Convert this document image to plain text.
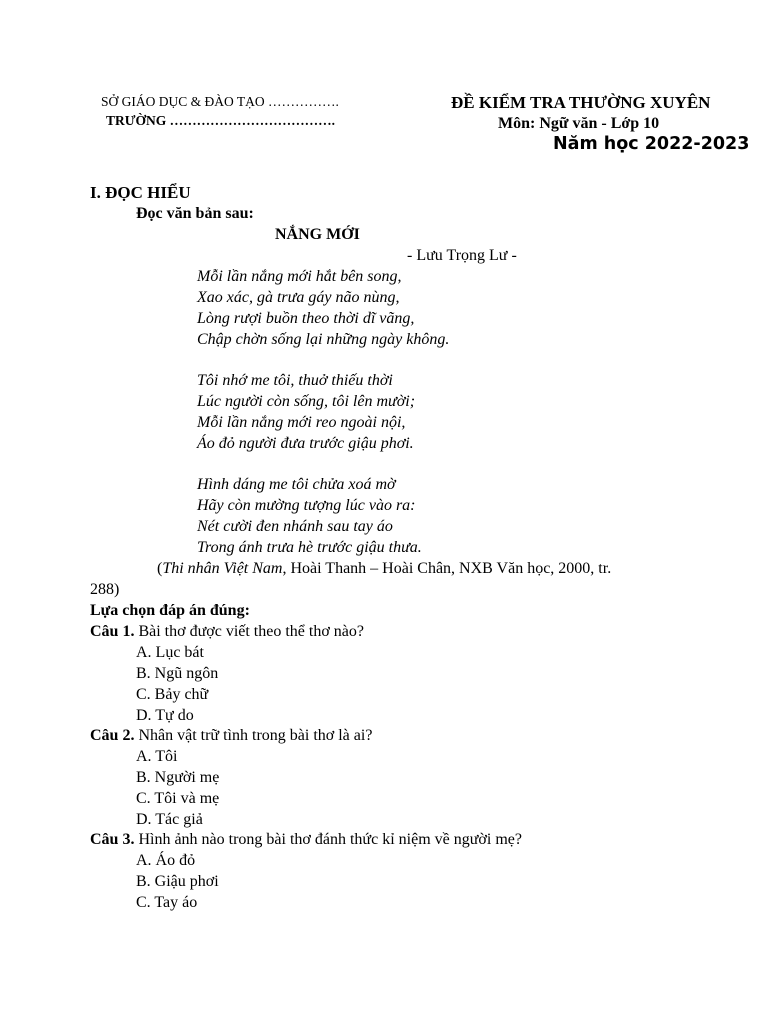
SỞ GIÁO DỤC & ĐÀO TẠO …………….
TRƯỜNG ……………………………….
ĐỀ KIỂM TRA THƯỜNG XUYÊN
Môn: Ngữ văn - Lớp 10
Năm học 2022-2023
I. ĐỌC HIỂU
Đọc văn bản sau:
NẮNG MỚI
- Lưu Trọng Lư -
Mỗi lần nắng mới hắt bên song,
Xao xác, gà trưa gáy não nùng,
Lòng rượi buồn theo thời dĩ vãng,
Chập chờn sống lại những ngày không.
Tôi nhớ me tôi, thuở thiếu thời
Lúc người còn sống, tôi lên mười;
Mỗi lần nắng mới reo ngoài nội,
Áo đỏ người đưa trước giậu phơi.
Hình dáng me tôi chửa xoá mờ
Hãy còn mường tượng lúc vào ra:
Nét cười đen nhánh sau tay áo
Trong ánh trưa hè trước giậu thưa.
(Thi nhân Việt Nam, Hoài Thanh – Hoài Chân, NXB Văn học, 2000, tr.
288)
Lựa chọn đáp án đúng:
Câu 1. Bài thơ được viết theo thể thơ nào?
A. Lục bát
B. Ngũ ngôn
C. Bảy chữ
D. Tự do
Câu 2. Nhân vật trữ tình trong bài thơ là ai?
A. Tôi
B. Người mẹ
C. Tôi và mẹ
D. Tác giả
Câu 3. Hình ảnh nào trong bài thơ đánh thức kỉ niệm về người mẹ?
A. Áo đỏ
B. Giậu phơi
C. Tay áo
